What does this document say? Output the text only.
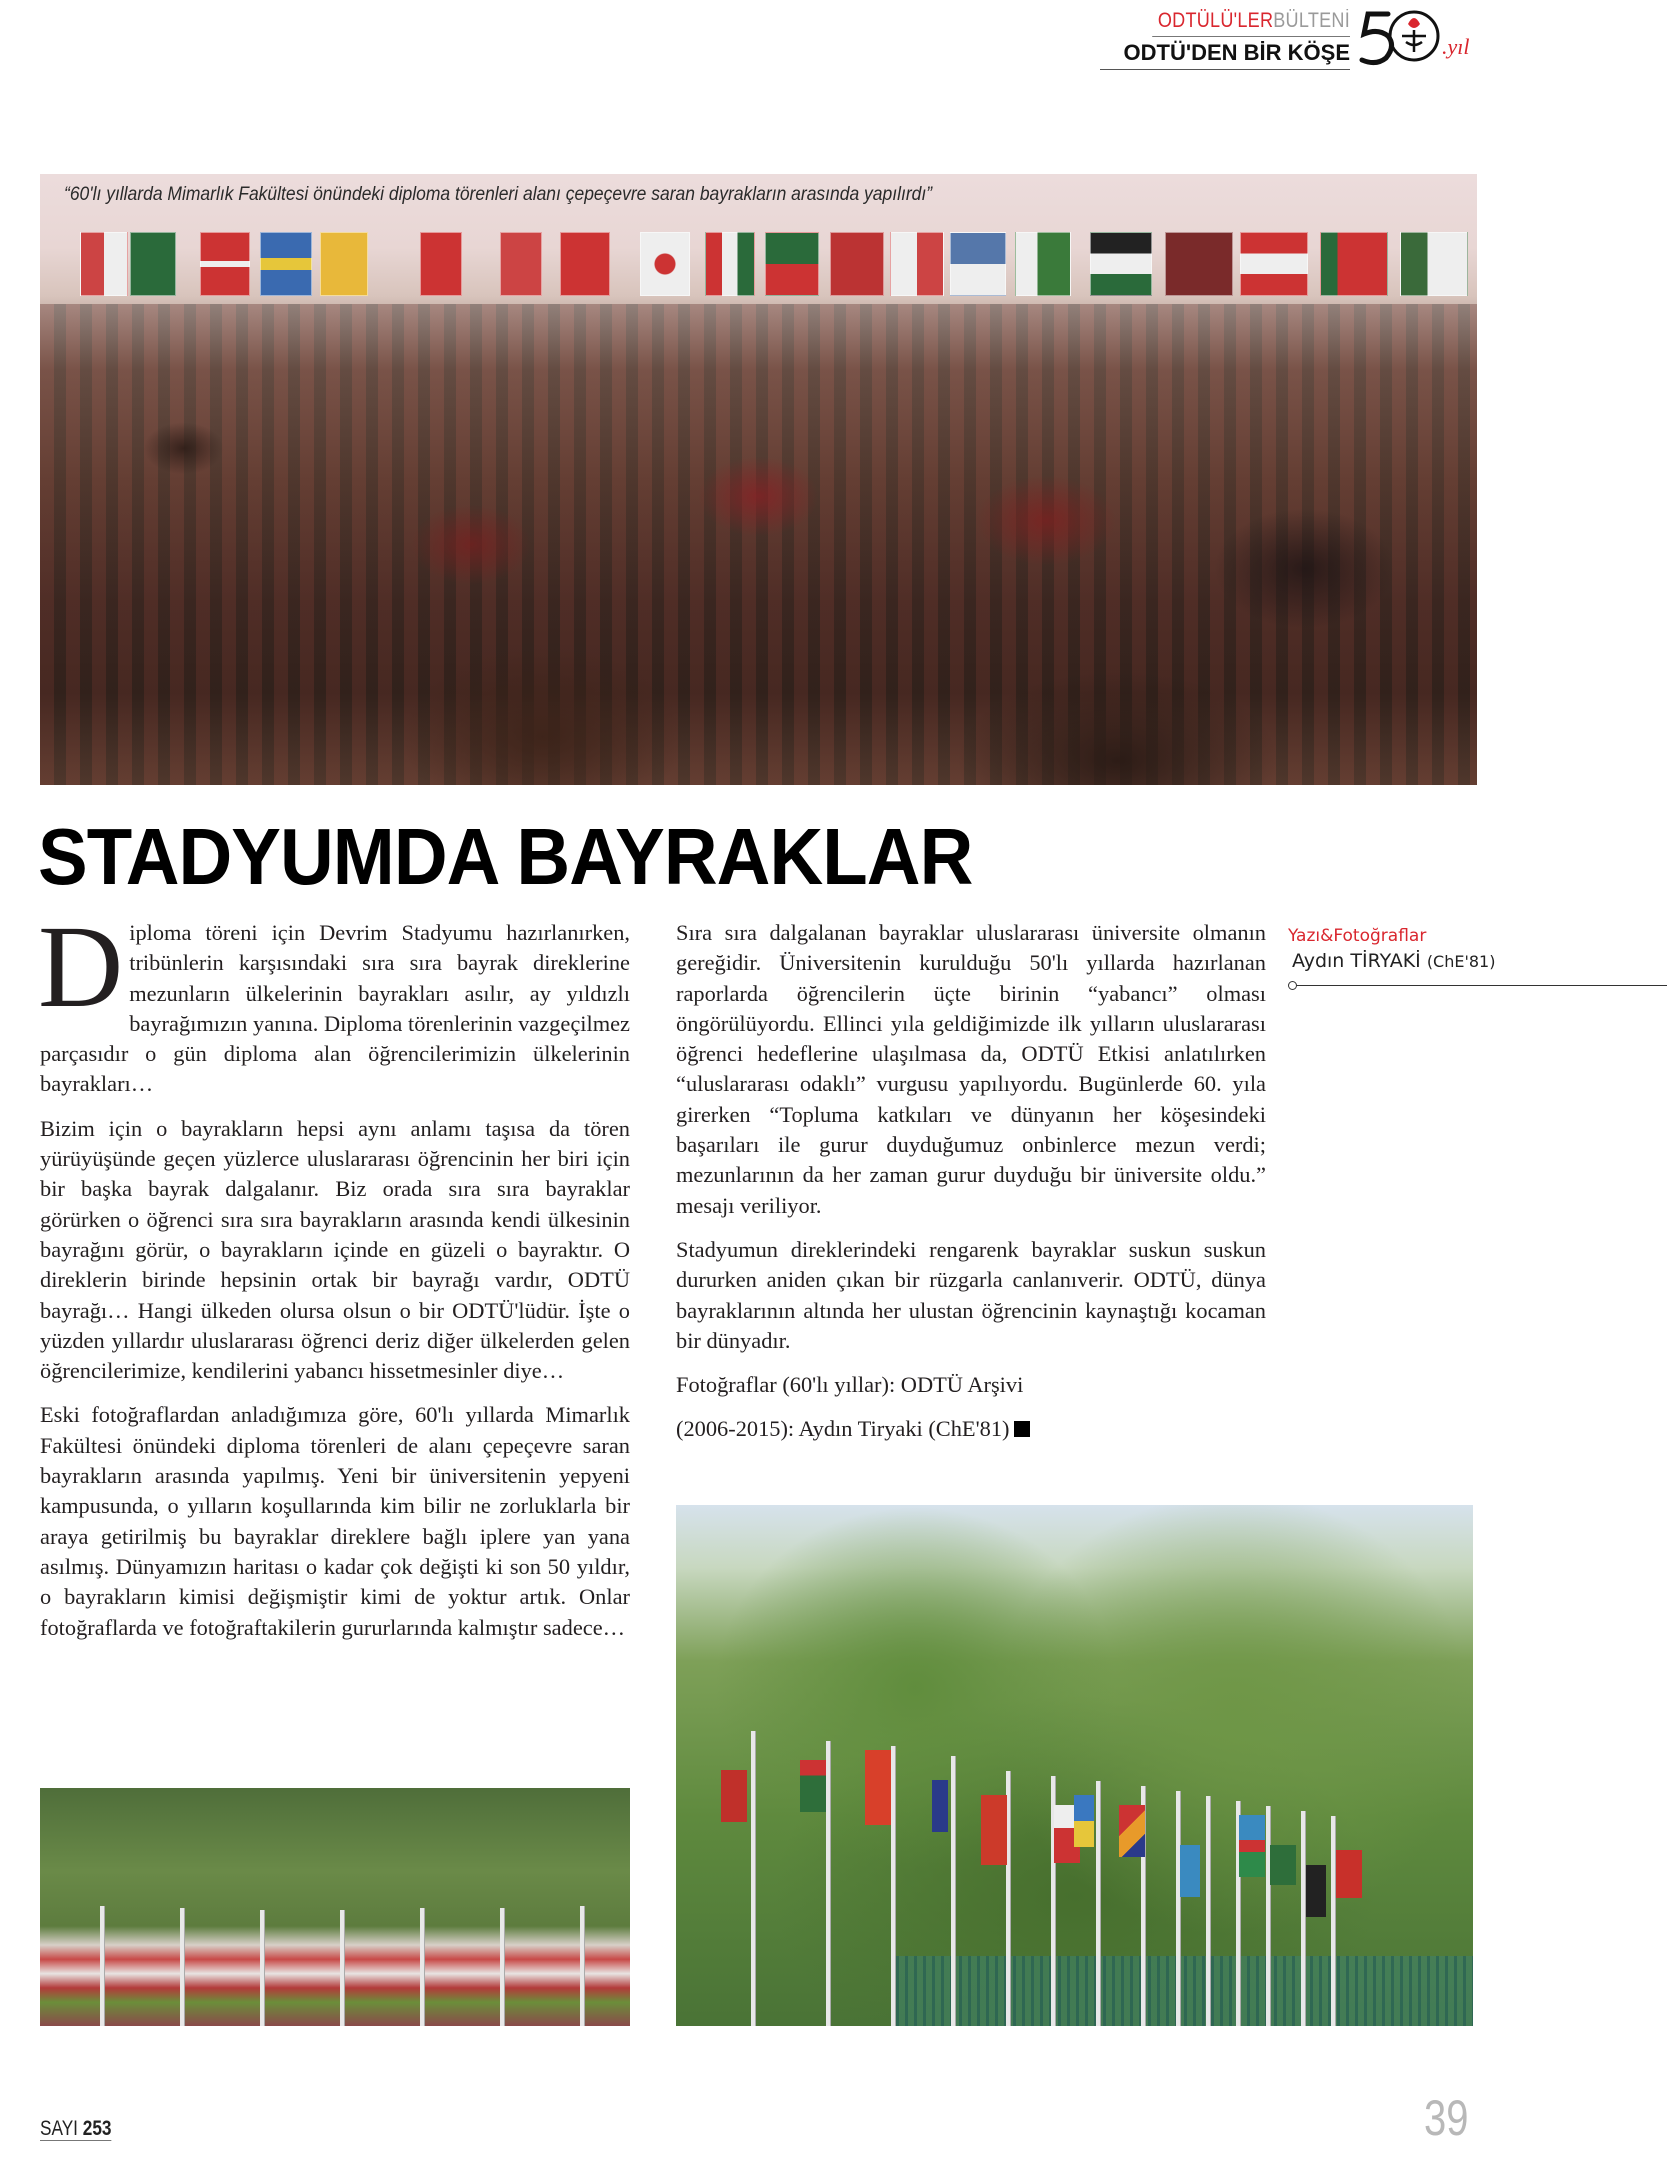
ODTÜLÜ'LERBÜLTENİ
ODTÜ'DEN BİR KÖŞE	.yıl
“60'lı yıllarda Mimarlık Fakültesi önündeki diploma törenleri alanı çepeçevre saran bayrakların arasında yapılırdı”
STADYUMDA BAYRAKLAR

Diploma töreni için Devrim Stadyumu hazırlanırken, tribünlerin karşısındaki sıra sıra bayrak direklerine mezunların ülkelerinin bayrakları asılır, ay yıldızlı bayrağımızın yanına. Diploma törenlerinin vazgeçilmez parçasıdır o gün diploma alan öğrencilerimizin ülkelerinin bayrakları…

Bizim için o bayrakların hepsi aynı anlamı taşısa da tören yürüyüşünde geçen yüzlerce uluslararası öğrencinin her biri için bir başka bayrak dalgalanır. Biz orada sıra sıra bayraklar görürken o öğrenci sıra sıra bayrakların arasında kendi ülkesinin bayrağını görür, o bayrakların içinde en güzeli o bayraktır. O direklerin birinde hepsinin ortak bir bayrağı vardır, ODTÜ bayrağı… Hangi ülkeden olursa olsun o bir ODTÜ'lüdür. İşte o yüzden yıllardır uluslararası öğrenci deriz diğer ülkelerden gelen öğrencilerimize, kendilerini yabancı hissetmesinler diye…

Eski fotoğraflardan anladığımıza göre, 60'lı yıllarda Mimarlık Fakültesi önündeki diploma törenleri de alanı çepeçevre saran bayrakların arasında yapılmış. Yeni bir üniversitenin yepyeni kampusunda, o yılların koşullarında kim bilir ne zorluklarla bir araya getirilmiş bu bayraklar direklere bağlı iplere yan yana asılmış. Dünyamızın haritası o kadar çok değişti ki son 50 yıldır, o bayrakların kimisi değişmiştir kimi de yoktur artık. Onlar fotoğraflarda ve fotoğraftakilerin gururlarında kalmıştır sadece…

Sıra sıra dalgalanan bayraklar uluslararası üniversite olmanın gereğidir. Üniversitenin kurulduğu 50'lı yıllarda hazırlanan raporlarda öğrencilerin üçte birinin “yabancı” olması öngörülüyordu. Ellinci yıla geldiğimizde ilk yılların uluslararası öğrenci hedeflerine ulaşılmasa da, ODTÜ Etkisi anlatılırken “uluslararası odaklı” vurgusu yapılıyordu. Bugünlerde 60. yıla girerken “Topluma katkıları ve dünyanın her köşesindeki başarıları ile gurur duyduğumuz onbinlerce mezun verdi; mezunlarının da her zaman gurur duyduğu bir üniversite oldu.” mesajı veriliyor.

Stadyumun direklerindeki rengarenk bayraklar suskun suskun dururken aniden çıkan bir rüzgarla canlanıverir. ODTÜ, dünya bayraklarının altında her ulustan öğrencinin kaynaştığı kocaman bir dünyadır.

Fotoğraflar (60'lı yıllar): ODTÜ Arşivi

(2006-2015): Aydın Tiryaki (ChE'81)

Yazı&Fotoğraflar
Aydın TİRYAKİ (ChE'81)
SAYI 253	39
